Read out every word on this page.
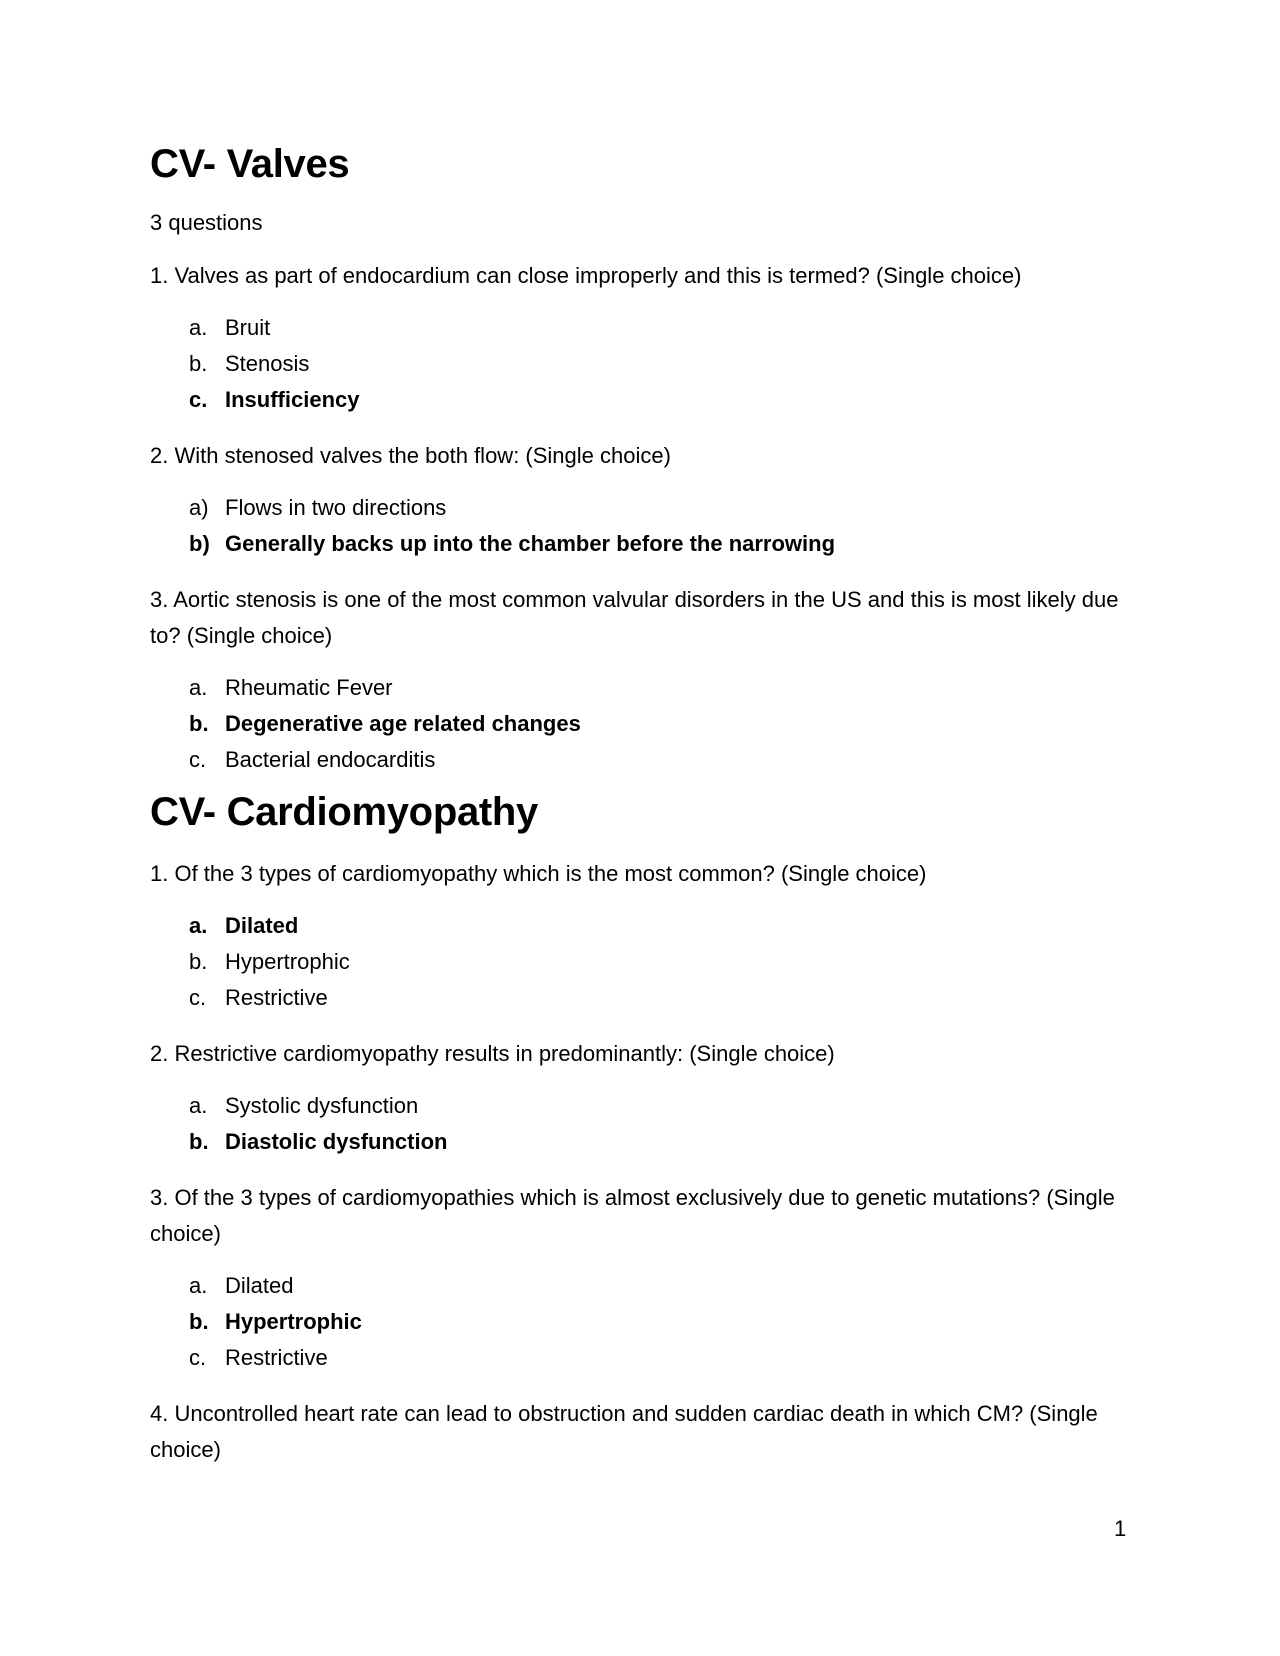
CV- Valves

3 questions

1. Valves as part of endocardium can close improperly and this is termed? (Single choice)

a. Bruit
b. Stenosis
c. Insufficiency

2. With stenosed valves the both flow: (Single choice)

a) Flows in two directions
b) Generally backs up into the chamber before the narrowing

3. Aortic stenosis is one of the most common valvular disorders in the US and this is most likely due to? (Single choice)

a. Rheumatic Fever
b. Degenerative age related changes
c. Bacterial endocarditis
CV- Cardiomyopathy

1. Of the 3 types of cardiomyopathy which is the most common? (Single choice)

a. Dilated
b. Hypertrophic
c. Restrictive

2. Restrictive cardiomyopathy results in predominantly: (Single choice)

a. Systolic dysfunction
b. Diastolic dysfunction

3. Of the 3 types of cardiomyopathies which is almost exclusively due to genetic mutations? (Single choice)

a. Dilated
b. Hypertrophic
c. Restrictive

4. Uncontrolled heart rate can lead to obstruction and sudden cardiac death in which CM? (Single choice)

1
